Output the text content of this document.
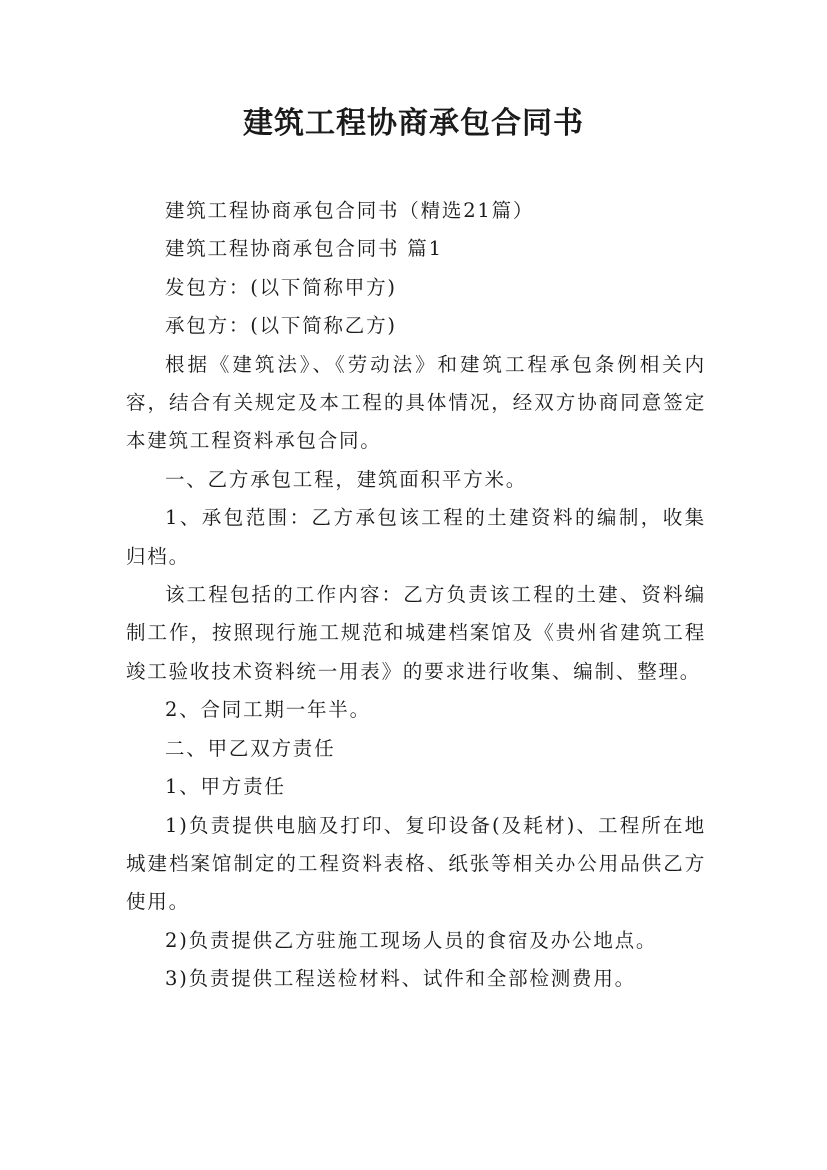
建筑工程协商承包合同书

建筑工程协商承包合同书（精选21篇）

建筑工程协商承包合同书 篇1

发包方：(以下简称甲方)

承包方：(以下简称乙方)

根据《建筑法》、《劳动法》和建筑工程承包条例相关内容，结合有关规定及本工程的具体情况，经双方协商同意签定本建筑工程资料承包合同。

一、乙方承包工程，建筑面积平方米。

1、承包范围：乙方承包该工程的土建资料的编制，收集归档。

该工程包括的工作内容：乙方负责该工程的土建、资料编制工作，按照现行施工规范和城建档案馆及《贵州省建筑工程竣工验收技术资料统一用表》的要求进行收集、编制、整理。

2、合同工期一年半。

二、甲乙双方责任

1、甲方责任

1)负责提供电脑及打印、复印设备(及耗材)、工程所在地城建档案馆制定的工程资料表格、纸张等相关办公用品供乙方使用。

2)负责提供乙方驻施工现场人员的食宿及办公地点。

3)负责提供工程送检材料、试件和全部检测费用。
